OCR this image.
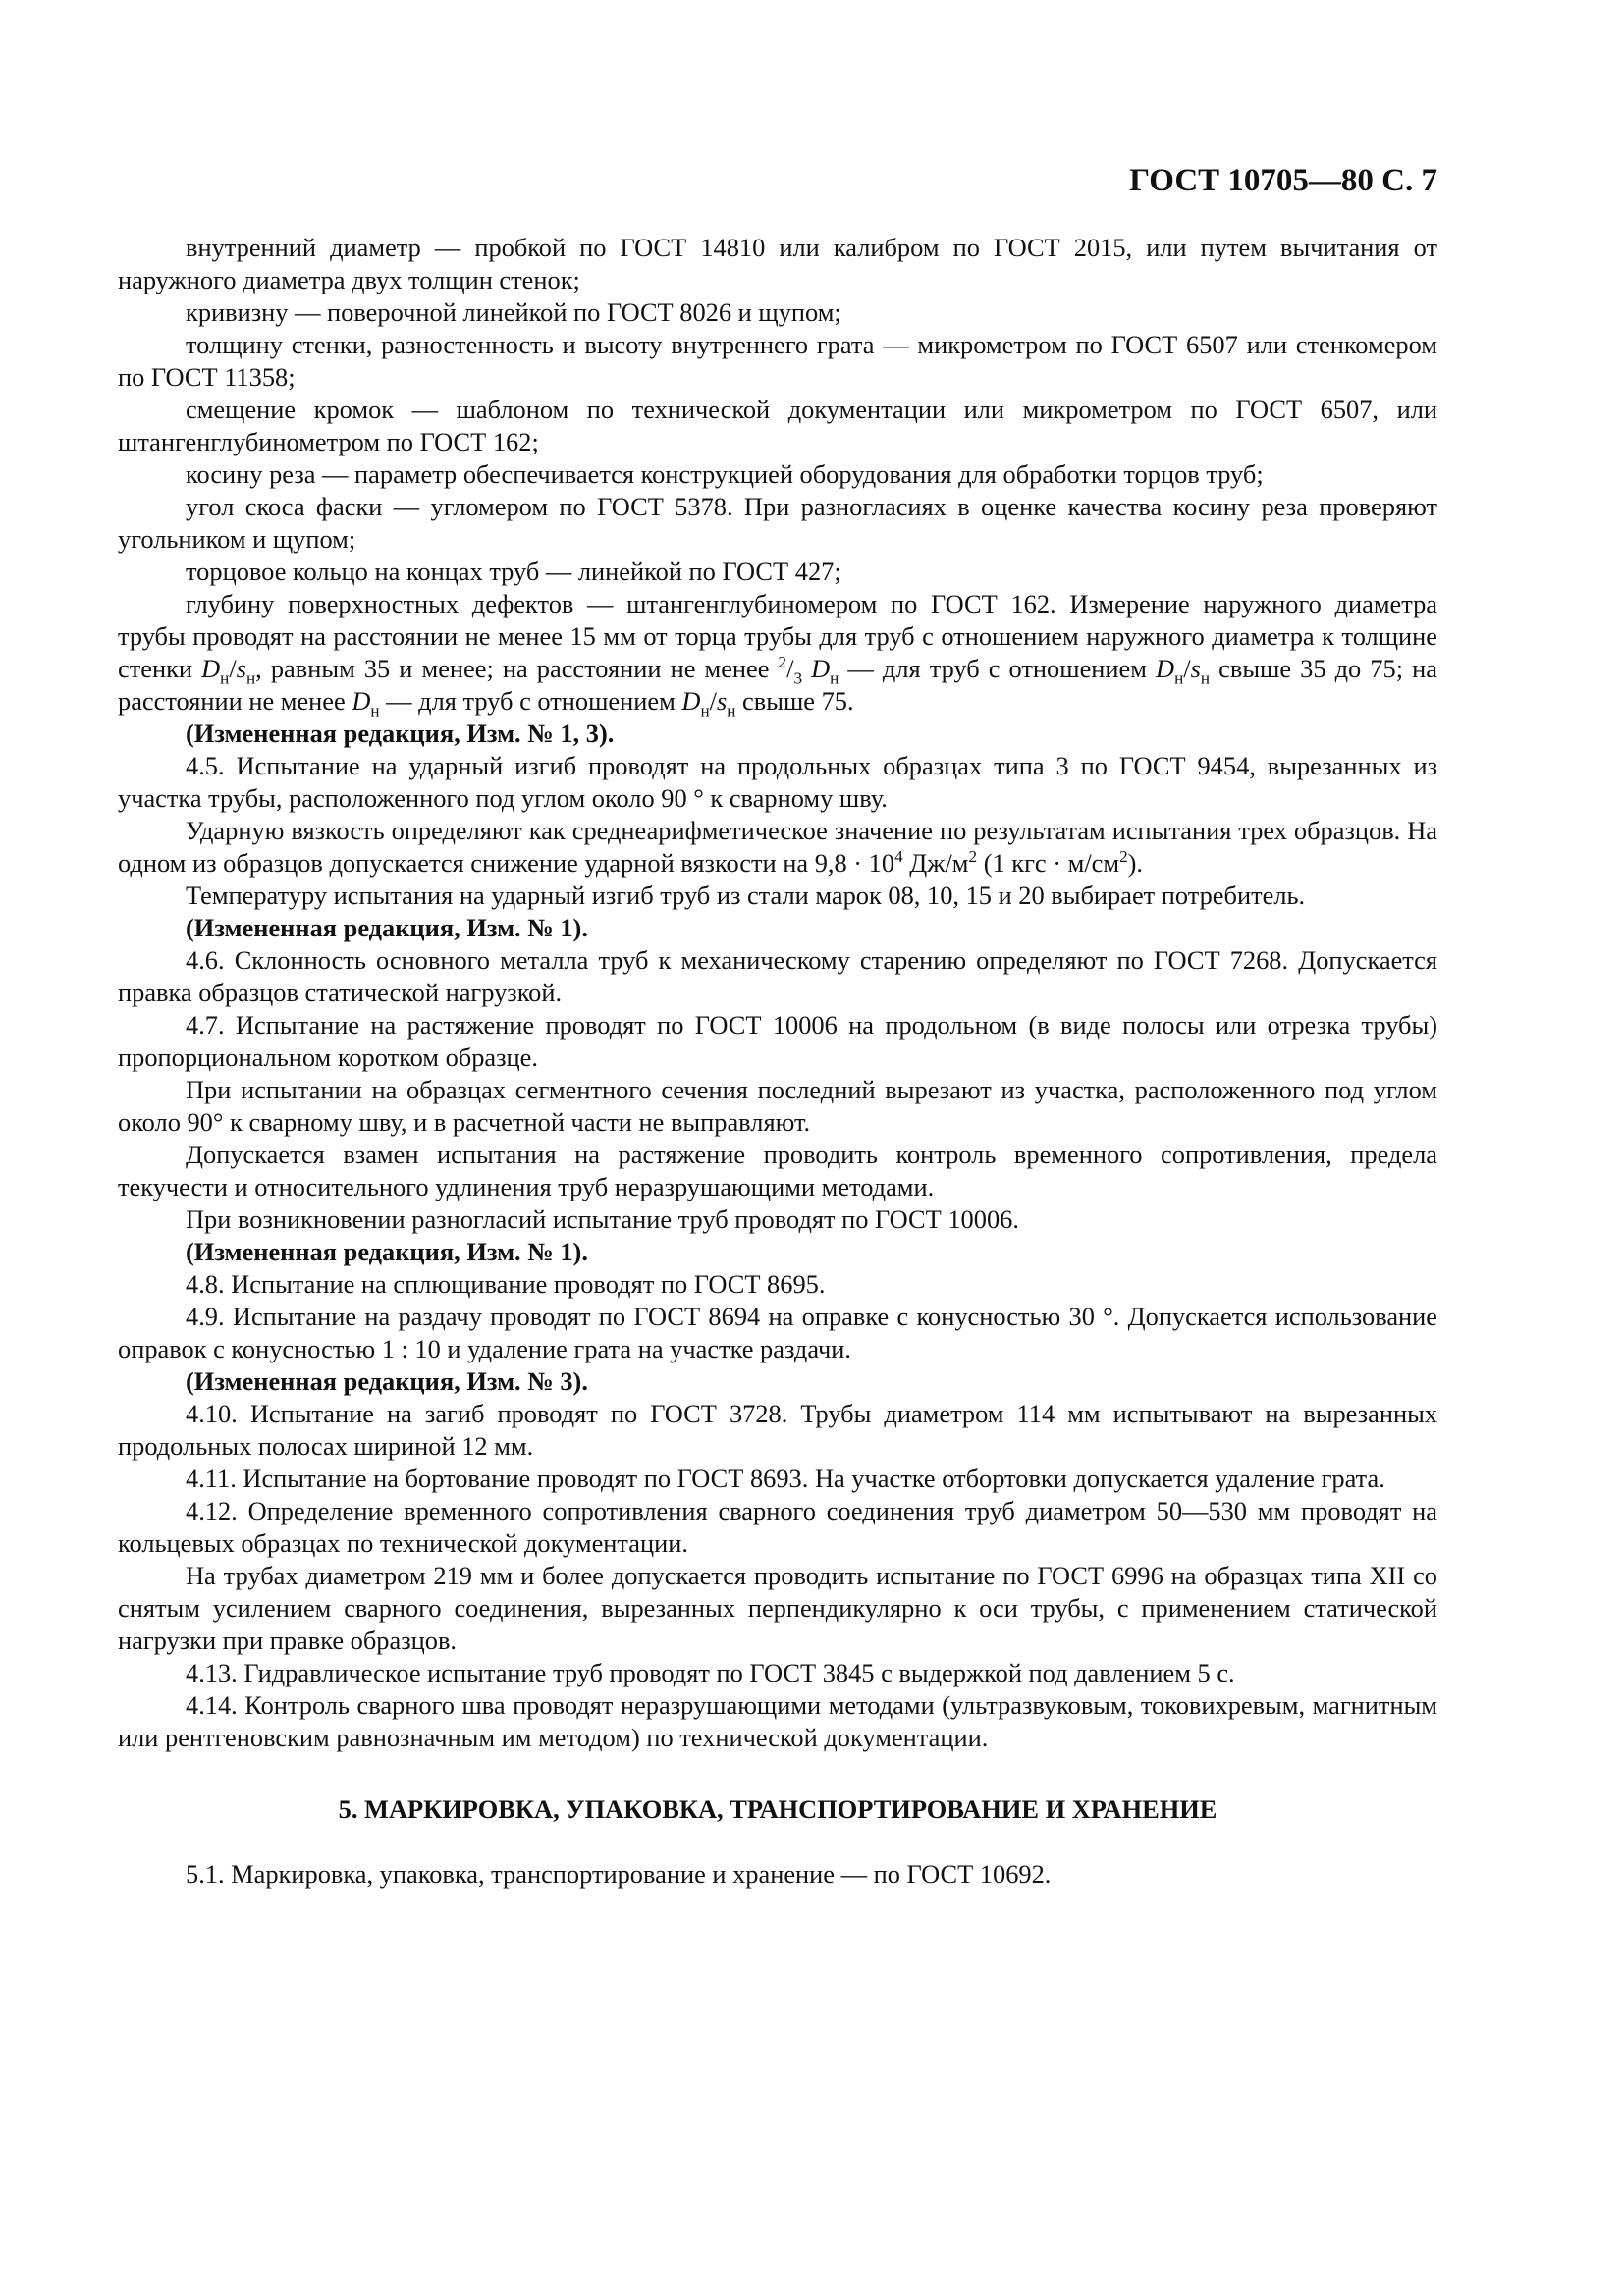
ГОСТ 10705—80 С. 7

внутренний диаметр — пробкой по ГОСТ 14810 или калибром по ГОСТ 2015, или путем вычитания от наружного диаметра двух толщин стенок;

кривизну — поверочной линейкой по ГОСТ 8026 и щупом;

толщину стенки, разностенность и высоту внутреннего грата — микрометром по ГОСТ 6507 или стенкомером по ГОСТ 11358;

смещение кромок — шаблоном по технической документации или микрометром по ГОСТ 6507, или штангенглубинометром по ГОСТ 162;

косину реза — параметр обеспечивается конструкцией оборудования для обработки торцов труб;

угол скоса фаски — угломером по ГОСТ 5378. При разногласиях в оценке качества косину реза проверяют угольником и щупом;

торцовое кольцо на концах труб — линейкой по ГОСТ 427;

глубину поверхностных дефектов — штангенглубиномером по ГОСТ 162. Измерение наружного диаметра трубы проводят на расстоянии не менее 15 мм от торца трубы для труб с отношением наружного диаметра к толщине стенки $D_н/s_н$, равным 35 и менее; на расстоянии не менее $^2/_3$ $D_н$ — для труб с отношением $D_н/s_н$ свыше 35 до 75; на расстоянии не менее $D_н$ — для труб с отношением $D_н/s_н$ свыше 75.

(Измененная редакция, Изм. № 1, 3).

4.5. Испытание на ударный изгиб проводят на продольных образцах типа 3 по ГОСТ 9454, вырезанных из участка трубы, расположенного под углом около 90 ° к сварному шву.

Ударную вязкость определяют как среднеарифметическое значение по результатам испытания трех образцов. На одном из образцов допускается снижение ударной вязкости на $9,8 \cdot 10^4$ $Дж/м^2$ (1 кгс · $м/см^2$).

Температуру испытания на ударный изгиб труб из стали марок 08, 10, 15 и 20 выбирает потребитель.

(Измененная редакция, Изм. № 1).

4.6. Склонность основного металла труб к механическому старению определяют по ГОСТ 7268. Допускается правка образцов статической нагрузкой.

4.7. Испытание на растяжение проводят по ГОСТ 10006 на продольном (в виде полосы или отрезка трубы) пропорциональном коротком образце.

При испытании на образцах сегментного сечения последний вырезают из участка, расположенного под углом около 90° к сварному шву, и в расчетной части не выправляют.

Допускается взамен испытания на растяжение проводить контроль временного сопротивления, предела текучести и относительного удлинения труб неразрушающими методами.

При возникновении разногласий испытание труб проводят по ГОСТ 10006.

(Измененная редакция, Изм. № 1).

4.8. Испытание на сплющивание проводят по ГОСТ 8695.

4.9. Испытание на раздачу проводят по ГОСТ 8694 на оправке с конусностью 30 °. Допускается использование оправок с конусностью 1 : 10 и удаление грата на участке раздачи.

(Измененная редакция, Изм. № 3).

4.10. Испытание на загиб проводят по ГОСТ 3728. Трубы диаметром 114 мм испытывают на вырезанных продольных полосах шириной 12 мм.

4.11. Испытание на бортование проводят по ГОСТ 8693. На участке отбортовки допускается удаление грата.

4.12. Определение временного сопротивления сварного соединения труб диаметром 50—530 мм проводят на кольцевых образцах по технической документации.

На трубах диаметром 219 мм и более допускается проводить испытание по ГОСТ 6996 на образцах типа XII со снятым усилением сварного соединения, вырезанных перпендикулярно к оси трубы, с применением статической нагрузки при правке образцов.

4.13. Гидравлическое испытание труб проводят по ГОСТ 3845 с выдержкой под давлением 5 с.

4.14. Контроль сварного шва проводят неразрушающими методами (ультразвуковым, токовихревым, магнитным или рентгеновским равнозначным им методом) по технической документации.

5. МАРКИРОВКА, УПАКОВКА, ТРАНСПОРТИРОВАНИЕ И ХРАНЕНИЕ

5.1. Маркировка, упаковка, транспортирование и хранение — по ГОСТ 10692.
